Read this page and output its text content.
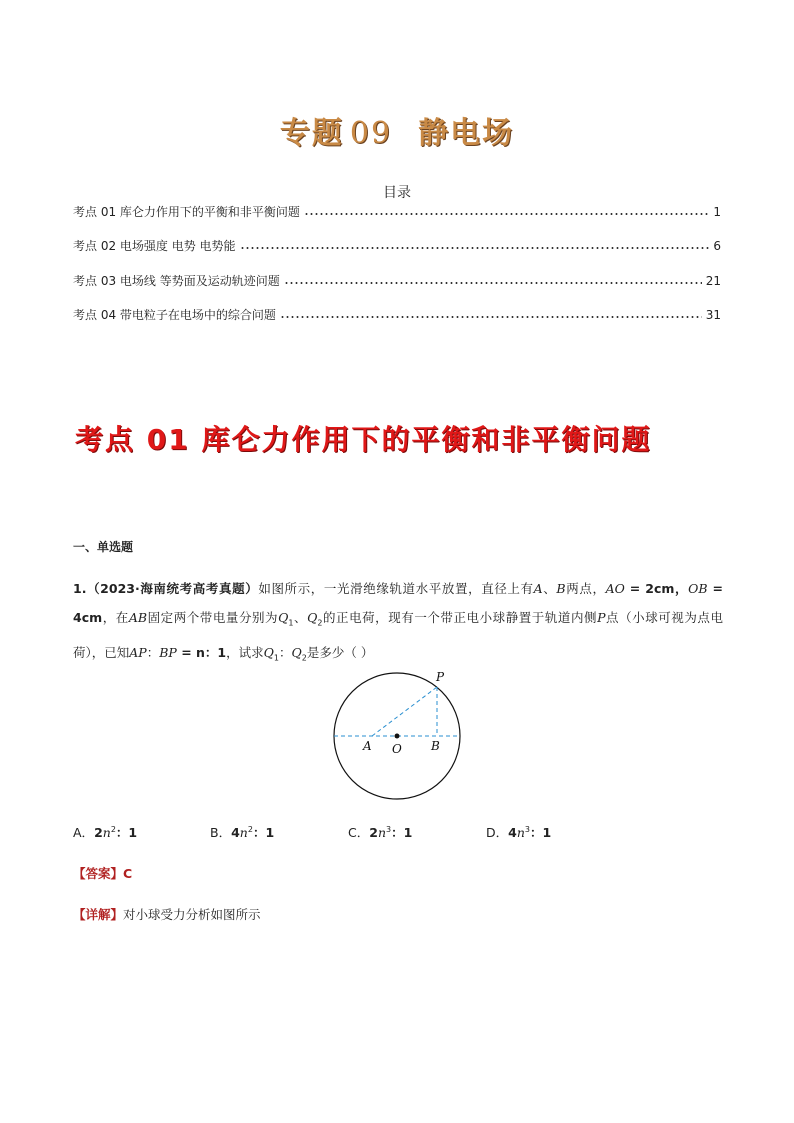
专题 09 静电场
目录
考点 01 库仑力作用下的平衡和非平衡问题	1
考点 02 电场强度 电势 电势能	6
考点 03 电场线 等势面及运动轨迹问题	21
考点 04 带电粒子在电场中的综合问题	31
考点 01 库仑力作用下的平衡和非平衡问题
一、单选题
1.（2023·海南统考高考真题）如图所示，一光滑绝缘轨道水平放置，直径上有A、B两点，AO = 2cm，OB = 4cm，在AB固定两个带电量分别为$Q_1$、$Q_2$的正电荷，现有一个带正电小球静置于轨道内侧P点（小球可视为点电荷），已知AP：BP = n：1，试求$Q_1$：$Q_2$是多少（ ）
P
A O B
A．$2n^2$：1	B．$4n^2$：1	C．$2n^3$：1	D．$4n^3$：1
【答案】C
【详解】对小球受力分析如图所示
